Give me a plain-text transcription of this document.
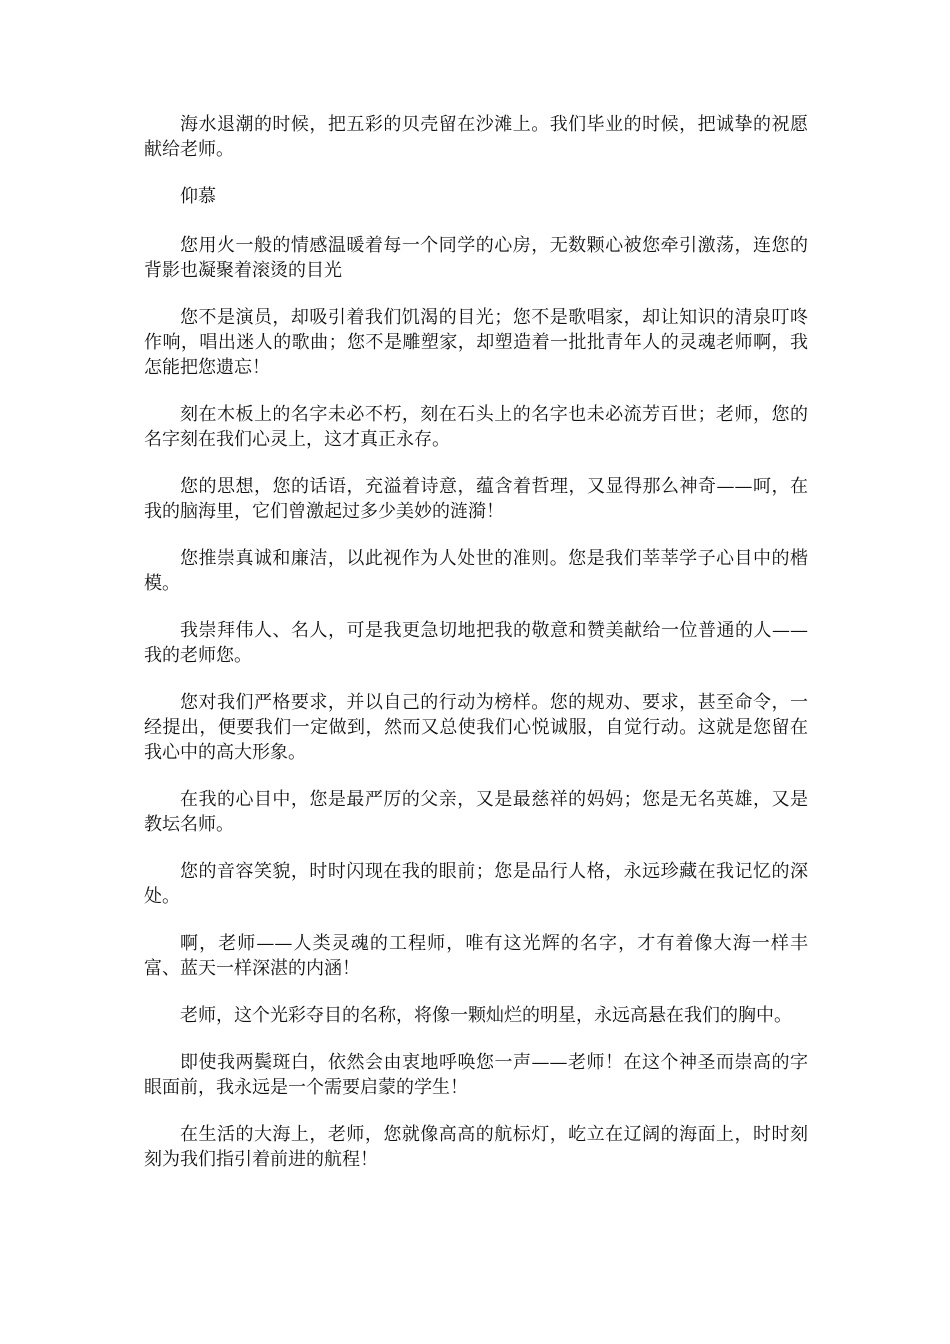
海水退潮的时候，把五彩的贝壳留在沙滩上。我们毕业的时候，把诚挚的祝愿献给老师。

仰慕

您用火一般的情感温暖着每一个同学的心房，无数颗心被您牵引激荡，连您的背影也凝聚着滚烫的目光

您不是演员，却吸引着我们饥渴的目光；您不是歌唱家，却让知识的清泉叮咚作响，唱出迷人的歌曲；您不是雕塑家，却塑造着一批批青年人的灵魂老师啊，我怎能把您遗忘！

刻在木板上的名字未必不朽，刻在石头上的名字也未必流芳百世；老师，您的名字刻在我们心灵上，这才真正永存。

您的思想，您的话语，充溢着诗意，蕴含着哲理，又显得那么神奇——呵，在我的脑海里，它们曾激起过多少美妙的涟漪！

您推崇真诚和廉洁，以此视作为人处世的准则。您是我们莘莘学子心目中的楷模。

我崇拜伟人、名人，可是我更急切地把我的敬意和赞美献给一位普通的人——我的老师您。

您对我们严格要求，并以自己的行动为榜样。您的规劝、要求，甚至命令，一经提出，便要我们一定做到，然而又总使我们心悦诚服，自觉行动。这就是您留在我心中的高大形象。

在我的心目中，您是最严厉的父亲，又是最慈祥的妈妈；您是无名英雄，又是教坛名师。

您的音容笑貌，时时闪现在我的眼前；您是品行人格，永远珍藏在我记忆的深处。

啊，老师——人类灵魂的工程师，唯有这光辉的名字，才有着像大海一样丰富、蓝天一样深湛的内涵！

老师，这个光彩夺目的名称，将像一颗灿烂的明星，永远高悬在我们的胸中。

即使我两鬓斑白，依然会由衷地呼唤您一声——老师！在这个神圣而崇高的字眼面前，我永远是一个需要启蒙的学生！

在生活的大海上，老师，您就像高高的航标灯，屹立在辽阔的海面上，时时刻刻为我们指引着前进的航程！
